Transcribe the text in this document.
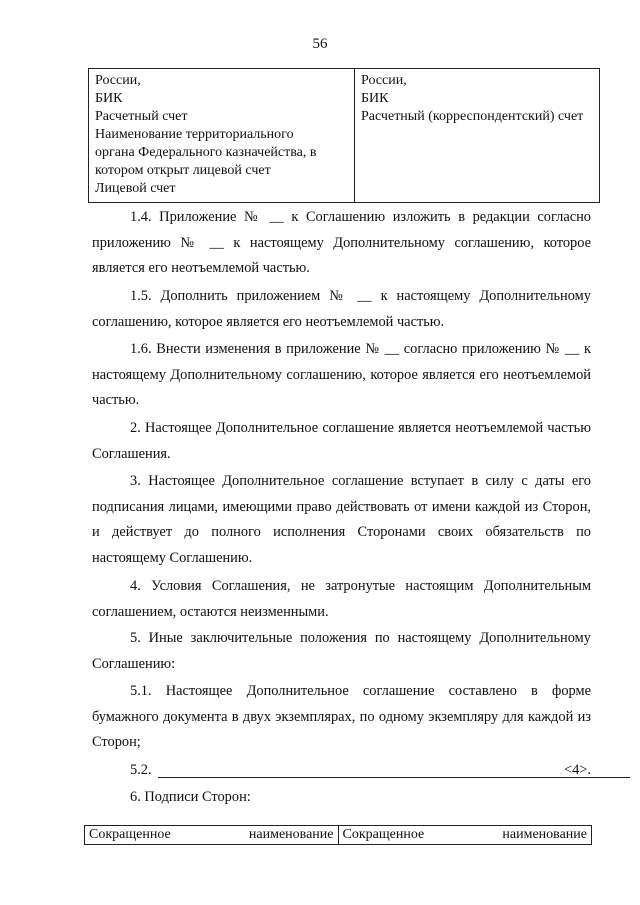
56
России,
БИК
Расчетный счет
Наименование территориального
органа Федерального казначейства, в
котором открыт лицевой счет
Лицевой счет

России,
БИК
Расчетный (корреспондентский) счет
1.4. Приложение № __ к Соглашению изложить в редакции согласно приложению № __ к настоящему Дополнительному соглашению, которое является его неотъемлемой частью.
1.5. Дополнить приложением № __ к настоящему Дополнительному соглашению, которое является его неотъемлемой частью.
1.6. Внести изменения в приложение № __ согласно приложению № __ к настоящему Дополнительному соглашению, которое является его неотъемлемой частью.
2. Настоящее Дополнительное соглашение является неотъемлемой частью Соглашения.
3. Настоящее Дополнительное соглашение вступает в силу с даты его подписания лицами, имеющими право действовать от имени каждой из Сторон, и действует до полного исполнения Сторонами своих обязательств по настоящему Соглашению.
4. Условия Соглашения, не затронутые настоящим Дополнительным соглашением, остаются неизменными.
5. Иные заключительные положения по настоящему Дополнительному Соглашению:
5.1. Настоящее Дополнительное соглашение составлено в форме бумажного документа в двух экземплярах, по одному экземпляру для каждой из Сторон;
5.2.	<4>.
6. Подписи Сторон:
Сокращенное	наименование	Сокращенное	наименование
